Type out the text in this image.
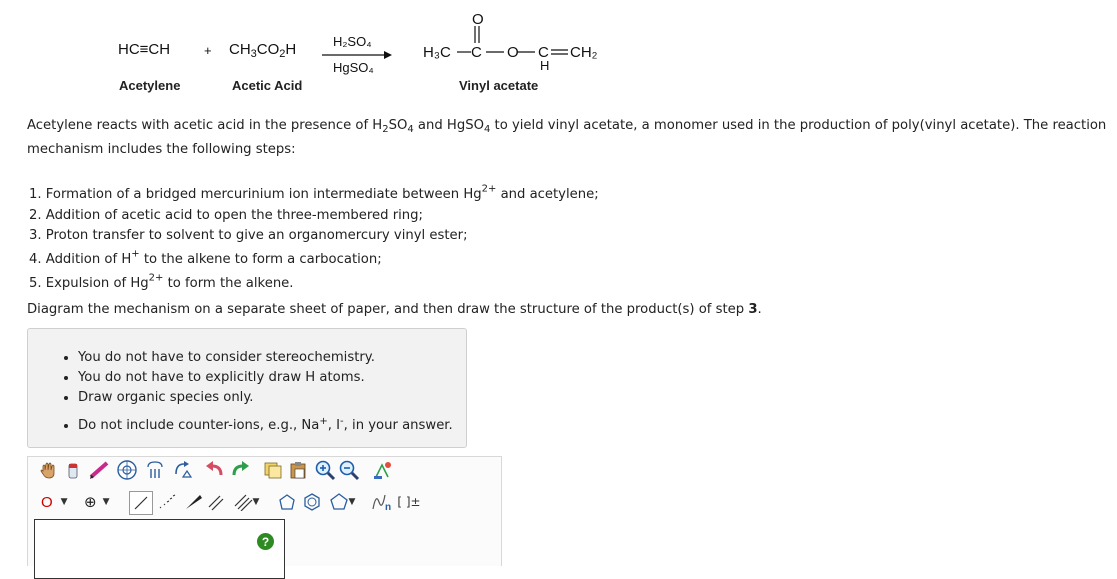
HC≡CH	+ $CH_3CO_2H$	H₂SO₄
HgSO₄
H₃C
O
C O C
H
CH₂
Acetylene	Acetic Acid	Vinyl acetate
Acetylene reacts with acetic acid in the presence of $H_2SO_4$ and HgSO$_4$ to yield vinyl acetate, a monomer used in the production of poly(vinyl acetate). The reaction
mechanism includes the following steps:
1. Formation of a bridged mercurinium ion intermediate between $Hg^{2+}$ and acetylene;
2. Addition of acetic acid to open the three-membered ring;
3. Proton transfer to solvent to give an organomercury vinyl ester;
4. Addition of H+ to the alkene to form a carbocation;
5. Expulsion of $Hg^{2+}$ to form the alkene.
Diagram the mechanism on a separate sheet of paper, and then draw the structure of the product(s) of step 3.
• You do not have to consider stereochemistry.
• You do not have to explicitly draw H atoms.
• Draw organic species only.
• Do not include counter-ions, e.g., Na+, I-, in your answer.
O ▼ ⊕ ▼	▼	▼	n [ ]±
?
